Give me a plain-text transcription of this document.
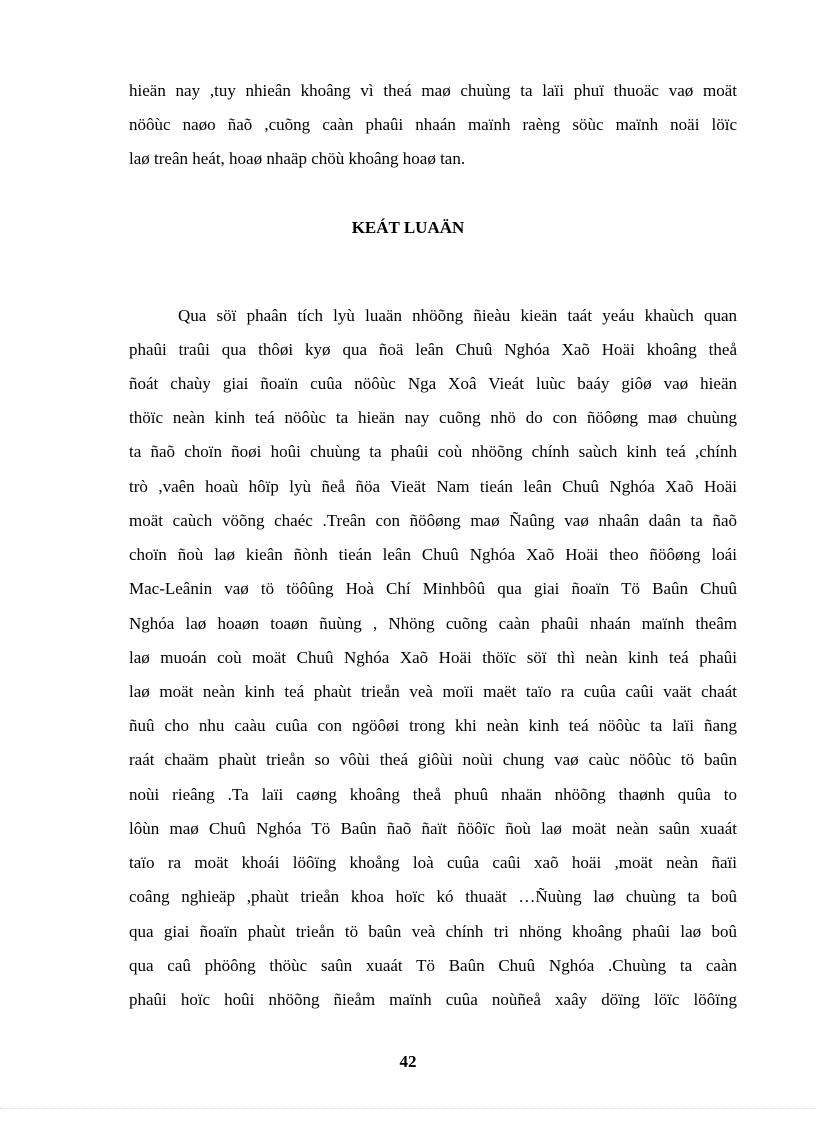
hieän nay ,tuy nhieân khoâng vì theá maø chuùng ta laïi phuï thuoäc vaø moät
nöôùc naøo ñaõ ,cuõng caàn phaûi nhaán maïnh raèng söùc maïnh noäi löïc
laø treân heát, hoaø nhaäp chöù khoâng hoaø tan.
KEÁT LUAÄN
Qua söï phaân tích lyù luaän nhöõng ñieàu kieän taát yeáu khaùch quan
phaûi traûi qua thôøi kyø qua ñoä leân Chuû Nghóa Xaõ Hoäi khoâng theå
ñoát chaùy giai ñoaïn cuûa nöôùc Nga Xoâ Vieát luùc baáy giôø vaø hieän
thöïc neàn kinh teá nöôùc ta hieän nay cuõng nhö do con ñöôøng maø chuùng
ta ñaõ choïn ñoøi hoûi chuùng ta phaûi coù nhöõng chính saùch kinh teá ,chính
trò ,vaên hoaù hôïp lyù ñeå ñöa Vieät Nam tieán leân Chuû Nghóa Xaõ Hoäi
moät caùch vöõng chaéc .Treân con ñöôøng maø Ñaûng vaø nhaân daân ta ñaõ
choïn ñoù laø kieân ñònh tieán leân Chuû Nghóa Xaõ Hoäi theo ñöôøng loái
Mac-Leânin vaø tö töôûng Hoà Chí Minhbôû qua giai ñoaïn Tö Baûn Chuû
Nghóa laø hoaøn toaøn ñuùng , Nhöng cuõng caàn phaûi nhaán maïnh theâm
laø muoán coù moät Chuû Nghóa Xaõ Hoäi thöïc söï thì neàn kinh teá phaûi
laø moät neàn kinh teá phaùt trieån veà moïi maët taïo ra cuûa caûi vaät chaát
ñuû cho nhu caàu cuûa con ngöôøi trong khi neàn kinh teá nöôùc ta laïi ñang
raát chaäm phaùt trieån so vôùi theá giôùi noùi chung vaø caùc nöôùc tö baûn
noùi rieâng .Ta laïi caøng khoâng theå phuû nhaän nhöõng thaønh quûa to
lôùn maø Chuû Nghóa Tö Baûn ñaõ ñaït ñöôïc ñoù laø moät neàn saûn xuaát
taïo ra moät khoái löôïng khoång loà cuûa caûi xaõ hoäi ,moät neàn ñaïi
coâng nghieäp ,phaùt trieån khoa hoïc kó thuaät …Ñuùng laø chuùng ta boû
qua giai ñoaïn phaùt trieån tö baûn veà chính tri nhöng khoâng phaûi laø boû
qua caû phöông thöùc saûn xuaát Tö Baûn Chuû Nghóa .Chuùng ta caàn
phaûi hoïc hoûi nhöõng ñieåm maïnh cuûa noùñeå xaây döïng löïc löôïng
42
